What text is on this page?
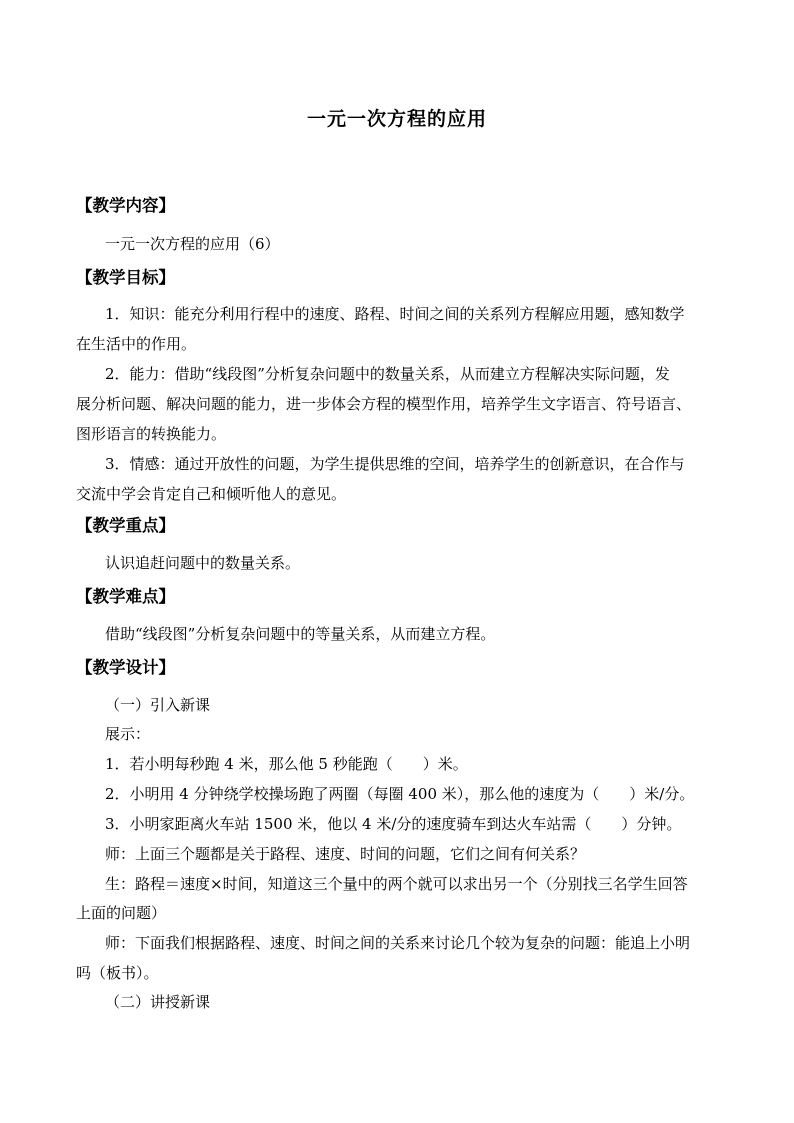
一元一次方程的应用
【教学内容】
一元一次方程的应用（6）
【教学目标】
1．知识：能充分利用行程中的速度、路程、时间之间的关系列方程解应用题，感知数学
在生活中的作用。
2．能力：借助“线段图”分析复杂问题中的数量关系，从而建立方程解决实际问题，发
展分析问题、解决问题的能力，进一步体会方程的模型作用，培养学生文字语言、符号语言、
图形语言的转换能力。
3．情感：通过开放性的问题，为学生提供思维的空间，培养学生的创新意识，在合作与
交流中学会肯定自己和倾听他人的意见。
【教学重点】
认识追赶问题中的数量关系。
【教学难点】
借助“线段图”分析复杂问题中的等量关系，从而建立方程。
【教学设计】
（一）引入新课
展示：
1．若小明每秒跑 4 米，那么他 5 秒能跑（　　）米。
2．小明用 4 分钟绕学校操场跑了两圈（每圈 400 米），那么他的速度为（　　）米/分。
3．小明家距离火车站 1500 米，他以 4 米/分的速度骑车到达火车站需（　　）分钟。
师：上面三个题都是关于路程、速度、时间的问题，它们之间有何关系？
生：路程＝速度×时间，知道这三个量中的两个就可以求出另一个（分别找三名学生回答
上面的问题）
师：下面我们根据路程、速度、时间之间的关系来讨论几个较为复杂的问题：能追上小明
吗（板书）。
（二）讲授新课
